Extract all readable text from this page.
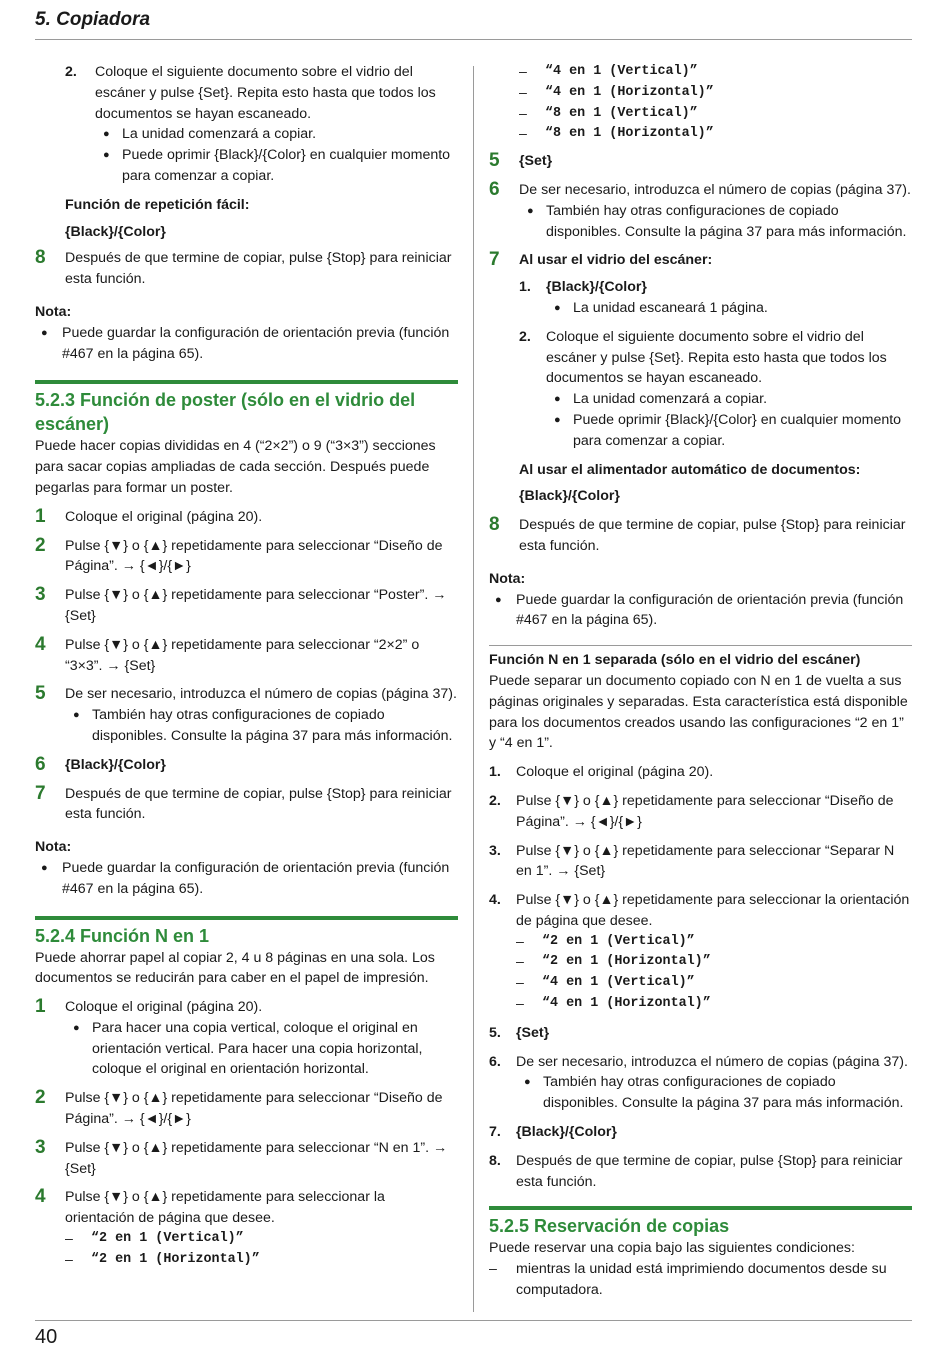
5. Copiadora
2.	Coloque el siguiente documento sobre el vidrio del escáner y pulse {Set}. Repita esto hasta que todos los documentos se hayan escaneado.
● La unidad comenzará a copiar.
● Puede oprimir {Black}/{Color} en cualquier momento para comenzar a copiar.
Función de repetición fácil:
{Black}/{Color}
8	Después de que termine de copiar, pulse {Stop} para reiniciar esta función.
Nota:
●	Puede guardar la configuración de orientación previa (función #467 en la página 65).
5.2.3 Función de poster (sólo en el vidrio del escáner)
Puede hacer copias divididas en 4 (“2×2”) o 9 (“3×3”) secciones para sacar copias ampliadas de cada sección. Después puede pegarlas para formar un poster.
1	Coloque el original (página 20).
2	Pulse {▼} o {▲} repetidamente para seleccionar “Diseño de Página”. → {◄}/{►}
3	Pulse {▼} o {▲} repetidamente para seleccionar “Poster”. → {Set}
4	Pulse {▼} o {▲} repetidamente para seleccionar “2×2” o “3×3”. → {Set}
5	De ser necesario, introduzca el número de copias (página 37).
● También hay otras configuraciones de copiado disponibles. Consulte la página 37 para más información.
6	{Black}/{Color}
7	Después de que termine de copiar, pulse {Stop} para reiniciar esta función.
Nota:
●	Puede guardar la configuración de orientación previa (función #467 en la página 65).
5.2.4 Función N en 1
Puede ahorrar papel al copiar 2, 4 u 8 páginas en una sola. Los documentos se reducirán para caber en el papel de impresión.
1	Coloque el original (página 20).
● Para hacer una copia vertical, coloque el original en orientación vertical. Para hacer una copia horizontal, coloque el original en orientación horizontal.
2	Pulse {▼} o {▲} repetidamente para seleccionar “Diseño de Página”. → {◄}/{►}
3	Pulse {▼} o {▲} repetidamente para seleccionar “N en 1”. → {Set}
4	Pulse {▼} o {▲} repetidamente para seleccionar la orientación de página que desee.
–	“2 en 1 (Vertical)”
–	“2 en 1 (Horizontal)”
–	“4 en 1 (Vertical)”
–	“4 en 1 (Horizontal)”
–	“8 en 1 (Vertical)”
–	“8 en 1 (Horizontal)”
5	{Set}
6	De ser necesario, introduzca el número de copias (página 37).
● También hay otras configuraciones de copiado disponibles. Consulte la página 37 para más información.
7	Al usar el vidrio del escáner:
1.	{Black}/{Color}
● La unidad escaneará 1 página.
2.	Coloque el siguiente documento sobre el vidrio del escáner y pulse {Set}. Repita esto hasta que todos los documentos se hayan escaneado.
● La unidad comenzará a copiar.
● Puede oprimir {Black}/{Color} en cualquier momento para comenzar a copiar.
Al usar el alimentador automático de documentos:
{Black}/{Color}
8	Después de que termine de copiar, pulse {Stop} para reiniciar esta función.
Nota:
●	Puede guardar la configuración de orientación previa (función #467 en la página 65).
Función N en 1 separada (sólo en el vidrio del escáner)
Puede separar un documento copiado con N en 1 de vuelta a sus páginas originales y separadas. Esta característica está disponible para los documentos creados usando las configuraciones “2 en 1” y “4 en 1”.
1.	Coloque el original (página 20).
2.	Pulse {▼} o {▲} repetidamente para seleccionar “Diseño de Página”. → {◄}/{►}
3.	Pulse {▼} o {▲} repetidamente para seleccionar “Separar N en 1”. → {Set}
4.	Pulse {▼} o {▲} repetidamente para seleccionar la orientación de página que desee.
–	“2 en 1 (Vertical)”
–	“2 en 1 (Horizontal)”
–	“4 en 1 (Vertical)”
–	“4 en 1 (Horizontal)”
5.	{Set}
6.	De ser necesario, introduzca el número de copias (página 37).
● También hay otras configuraciones de copiado disponibles. Consulte la página 37 para más información.
7.	{Black}/{Color}
8.	Después de que termine de copiar, pulse {Stop} para reiniciar esta función.
5.2.5 Reservación de copias
Puede reservar una copia bajo las siguientes condiciones:
–	mientras la unidad está imprimiendo documentos desde su computadora.
40
